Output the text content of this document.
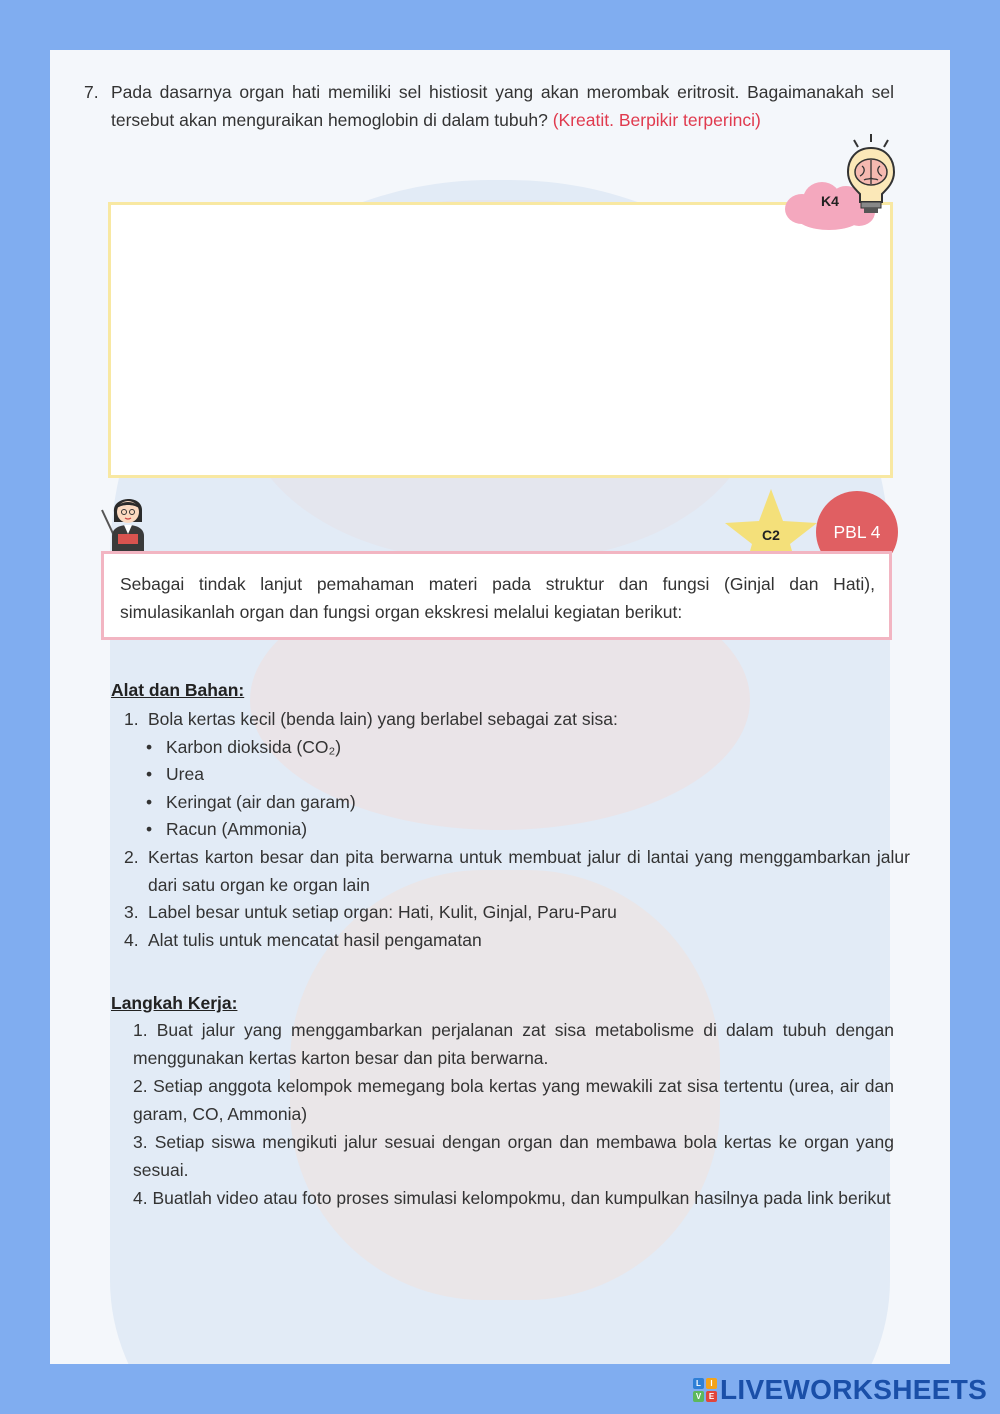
7. Pada dasarnya organ hati memiliki sel histiosit yang akan merombak eritrosit. Bagaimanakah sel tersebut akan menguraikan hemoglobin di dalam tubuh? (Kreatit. Berpikir terperinci)
K4
C2	PBL 4
Sebagai tindak lanjut pemahaman materi pada struktur dan fungsi (Ginjal dan Hati), simulasikanlah organ dan fungsi organ ekskresi melalui kegiatan berikut:
Alat dan Bahan:
1. Bola kertas kecil (benda lain) yang berlabel sebagai zat sisa:
• Karbon dioksida (CO₂)
• Urea
• Keringat (air dan garam)
• Racun (Ammonia)
2. Kertas karton besar dan pita berwarna untuk membuat jalur di lantai yang menggambarkan jalur dari satu organ ke organ lain
3. Label besar untuk setiap organ: Hati, Kulit, Ginjal, Paru-Paru
4. Alat tulis untuk mencatat hasil pengamatan
Langkah Kerja:

1. Buat jalur yang menggambarkan perjalanan zat sisa metabolisme di dalam tubuh dengan menggunakan kertas karton besar dan pita berwarna.

2. Setiap anggota kelompok memegang bola kertas yang mewakili zat sisa tertentu (urea, air dan garam, CO, Ammonia)

3. Setiap siswa mengikuti jalur sesuai dengan organ dan membawa bola kertas ke organ yang sesuai.

4. Buatlah video atau foto proses simulasi kelompokmu, dan kumpulkan hasilnya pada link berikut

L	I
V E LIVEWORKSHEETS
